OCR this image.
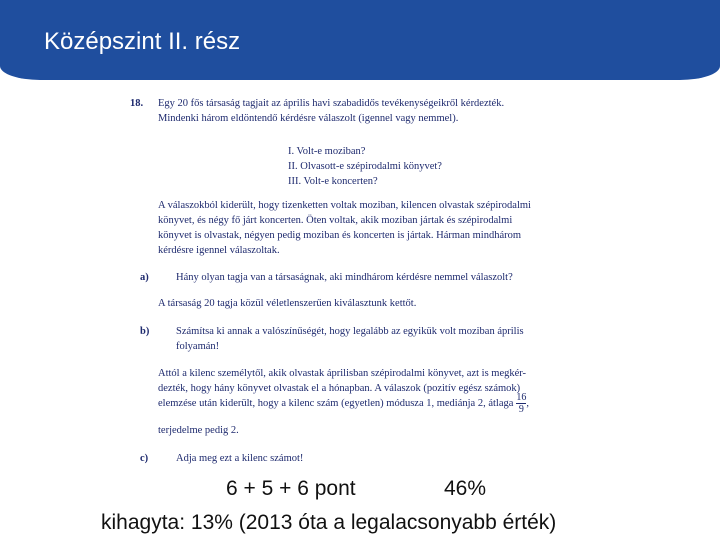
Középszint II. rész
18. Egy 20 fős társaság tagjait az április havi szabadidős tevékenységeikről kérdezték.

Mindenki három eldöntendő kérdésre válaszolt (igennel vagy nemmel).

I. Volt-e moziban?
II. Olvasott-e szépirodalmi könyvet?
III. Volt-e koncerten?

A válaszokból kiderült, hogy tizenketten voltak moziban, kilencen olvastak szépirodalmi

könyvet, és négy fő járt koncerten. Öten voltak, akik moziban jártak és szépirodalmi

könyvet is olvastak, négyen pedig moziban és koncerten is jártak. Hárman mindhárom

kérdésre igennel válaszoltak.

a)	Hány olyan tagja van a társaságnak, aki mindhárom kérdésre nemmel válaszolt?

A társaság 20 tagja közül véletlenszerűen kiválasztunk kettőt.

b)	Számítsa ki annak a valószínűségét, hogy legalább az egyikük volt moziban április
folyamán!

Attól a kilenc személytől, akik olvastak áprilisban szépirodalmi könyvet, azt is megkér-

dezték, hogy hány könyvet olvastak el a hónapban. A válaszok (pozitív egész számok)

elemzése után kiderült, hogy a kilenc szám (egyetlen) módusza 1, mediánja 2, átlaga $\frac{16}{9}$ ,

terjedelme pedig 2.

c)	Adja meg ezt a kilenc számot!
6 + 5 + 6 pont	46%
kihagyta: 13% (2013 óta a legalacsonyabb érték)
